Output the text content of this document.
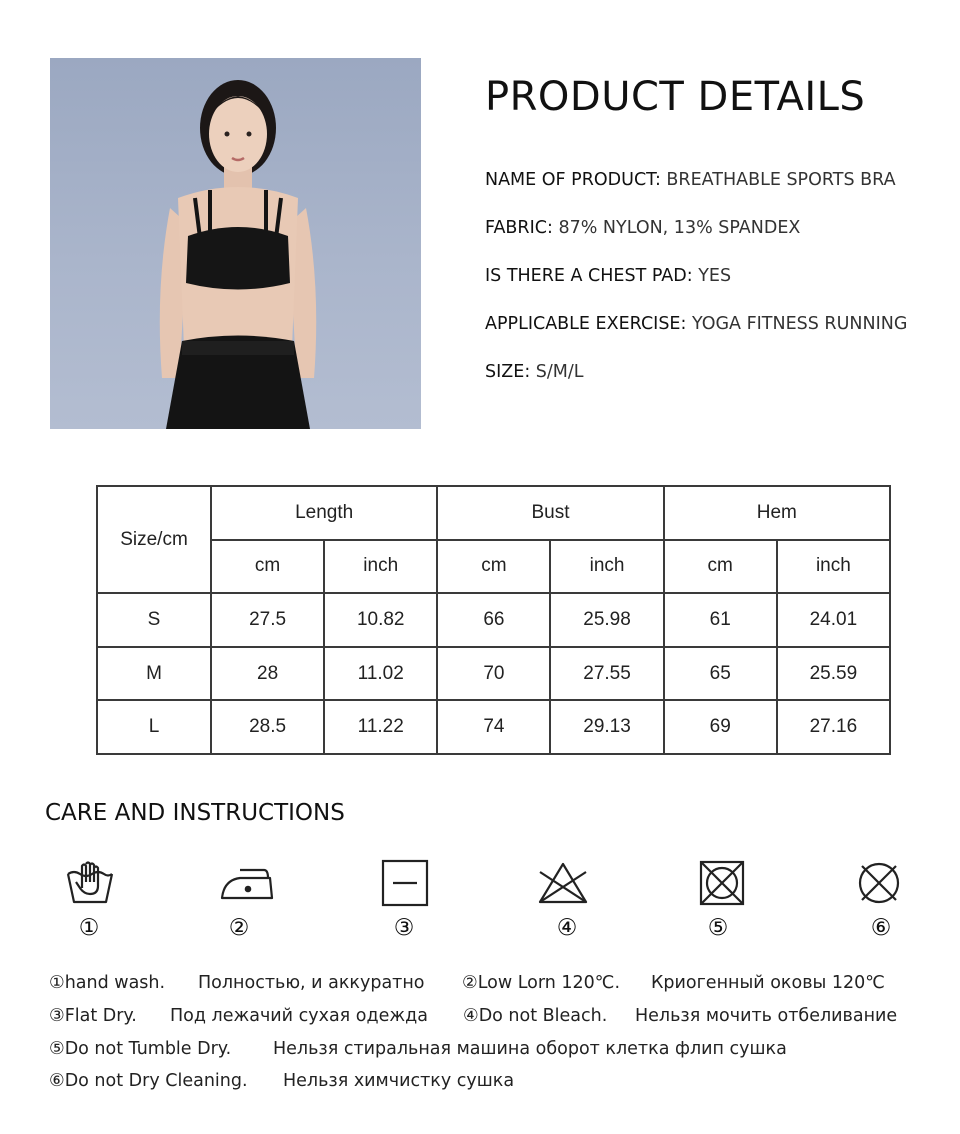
PRODUCT DETAILS
NAME OF PRODUCT: BREATHABLE SPORTS BRA
FABRIC: 87% NYLON, 13% SPANDEX
IS THERE A CHEST PAD: YES
APPLICABLE EXERCISE: YOGA FITNESS RUNNING
SIZE: S/M/L
Size/cm	Length		Bust		Hem	
	cm	inch	cm	inch	cm	inch
S	27.5	10.82	66	25.98	61	24.01
M	28	11.02	70	27.55	65	25.59
L	28.5	11.22	74	29.13	69	27.16
CARE AND INSTRUCTIONS
①	②	③	④	⑤	⑥
①hand wash. Полностью, и аккуратно ②Low Lorn 120℃. Криогенный оковы 120℃
③Flat Dry. Под лежачий сухая одежда ④Do not Bleach. Нельзя мочить отбеливание
⑤Do not Tumble Dry. Нельзя стиральная машина оборот клетка флип сушка
⑥Do not Dry Cleaning. Нельзя химчистку сушка
